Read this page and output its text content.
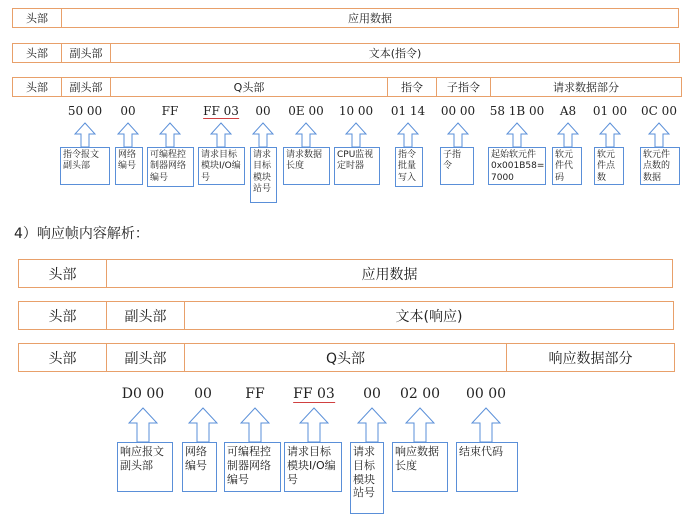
头部	应用数据
头部	副头部	文本(指令)
头部	副头部	Q头部	指令	子指令	请求数据部分
50 00 00 FF FF 03 00 0E 00 10 00 01 14 00 00 58 1B 00 A8 01 00 0C 00
指令报文
副头部
网络
编号
可编程控
制器网络
编号
请求目标
模块I/O编
号
请求
目标
模块
站号
请求数据
长度
CPU监视
定时器
指令
批量
写入
子指
令
起始软元件
0x001B58=
7000
软元
件代
码
软元
件点
数
软元件
点数的
数据
4）响应帧内容解析：
头部	应用数据
头部	副头部	文本(响应)
头部	副头部	Q头部	响应数据部分
D0 00 00 FF FF 03 00 02 00 00 00
响应报文
副头部
网络
编号
可编程控
制器网络
编号
请求目标
模块I/O编
号
请求
目标
模块
站号
响应数据
长度
结束代码
